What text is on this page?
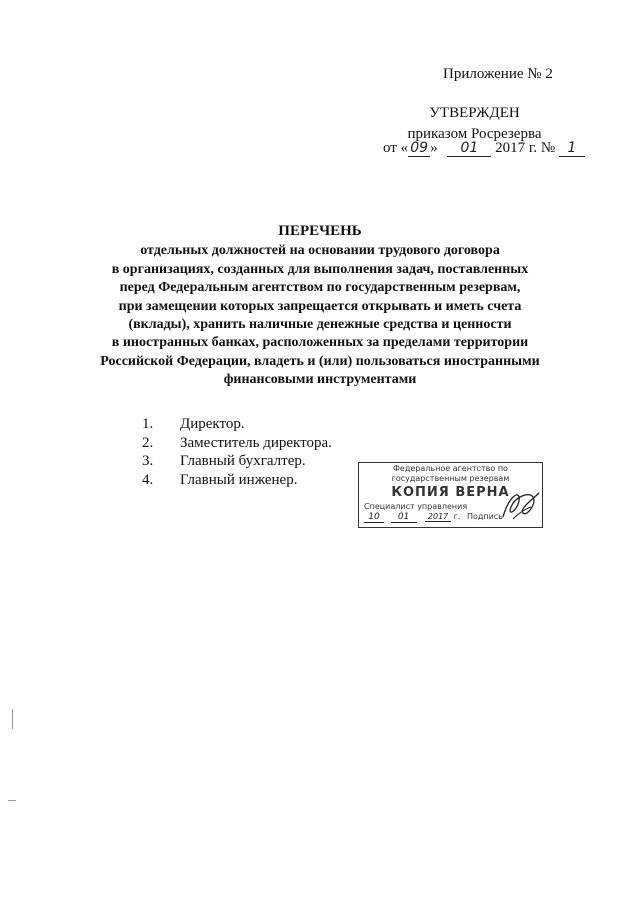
Приложение № 2
УТВЕРЖДЕН
приказом Росрезерва
от « 09 » 01 2017 г. № 1
ПЕРЕЧЕНЬ
отдельных должностей на основании трудового договора
в организациях, созданных для выполнения задач, поставленных
перед Федеральным агентством по государственным резервам,
при замещении которых запрещается открывать и иметь счета
(вклады), хранить наличные денежные средства и ценности
в иностранных банках, расположенных за пределами территории
Российской Федерации, владеть и (или) пользоваться иностранными
финансовыми инструментами
1.	Директор.
2.	Заместитель директора.
3.	Главный бухгалтер.
4.	Главный инженер.
Федеральное агентство по
государственным резервам
КОПИЯ ВЕРНА
Специалист управления
10 01 2017 г. Подпись
